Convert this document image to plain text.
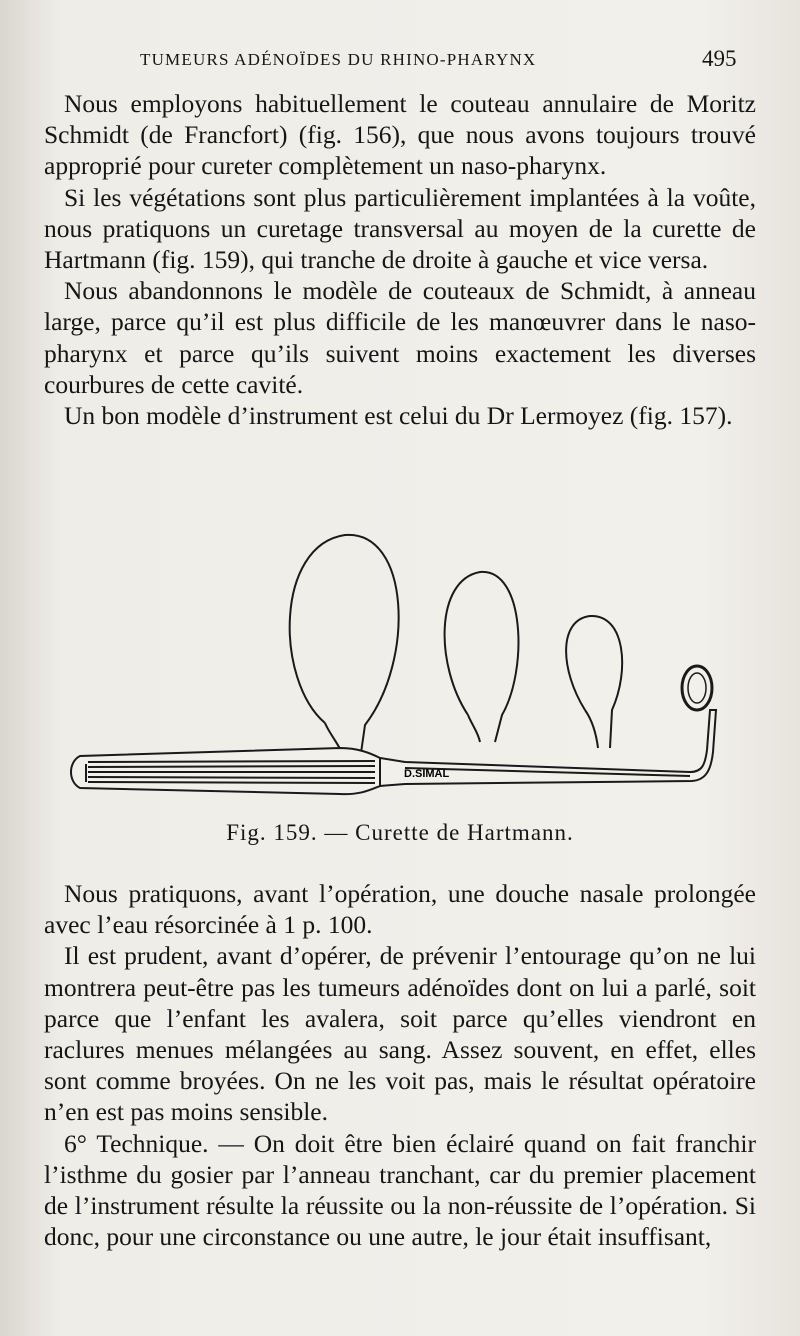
TUMEURS ADÉNOÏDES DU RHINO-PHARYNX	495

Nous employons habituellement le couteau annulaire de Moritz Schmidt (de Francfort) (fig. 156), que nous avons toujours trouvé approprié pour cureter complètement un naso-pharynx.

Si les végétations sont plus particulièrement implantées à la voûte, nous pratiquons un curetage transversal au moyen de la curette de Hartmann (fig. 159), qui tranche de droite à gauche et vice versa.

Nous abandonnons le modèle de couteaux de Schmidt, à anneau large, parce qu’il est plus difficile de les manœuvrer dans le naso-pharynx et parce qu’ils suivent moins exactement les diverses courbures de cette cavité.

Un bon modèle d’instrument est celui du Dr Lermoyez (fig. 157).

D.SIMAL
Fig. 159. — Curette de Hartmann.

Nous pratiquons, avant l’opération, une douche nasale prolongée avec l’eau résorcinée à 1 p. 100.

Il est prudent, avant d’opérer, de prévenir l’entourage qu’on ne lui montrera peut-être pas les tumeurs adénoïdes dont on lui a parlé, soit parce que l’enfant les avalera, soit parce qu’elles viendront en raclures menues mélangées au sang. Assez souvent, en effet, elles sont comme broyées. On ne les voit pas, mais le résultat opératoire n’en est pas moins sensible.

6° Technique. — On doit être bien éclairé quand on fait franchir l’isthme du gosier par l’anneau tranchant, car du premier placement de l’instrument résulte la réussite ou la non-réussite de l’opération. Si donc, pour une circonstance ou une autre, le jour était insuffisant,
